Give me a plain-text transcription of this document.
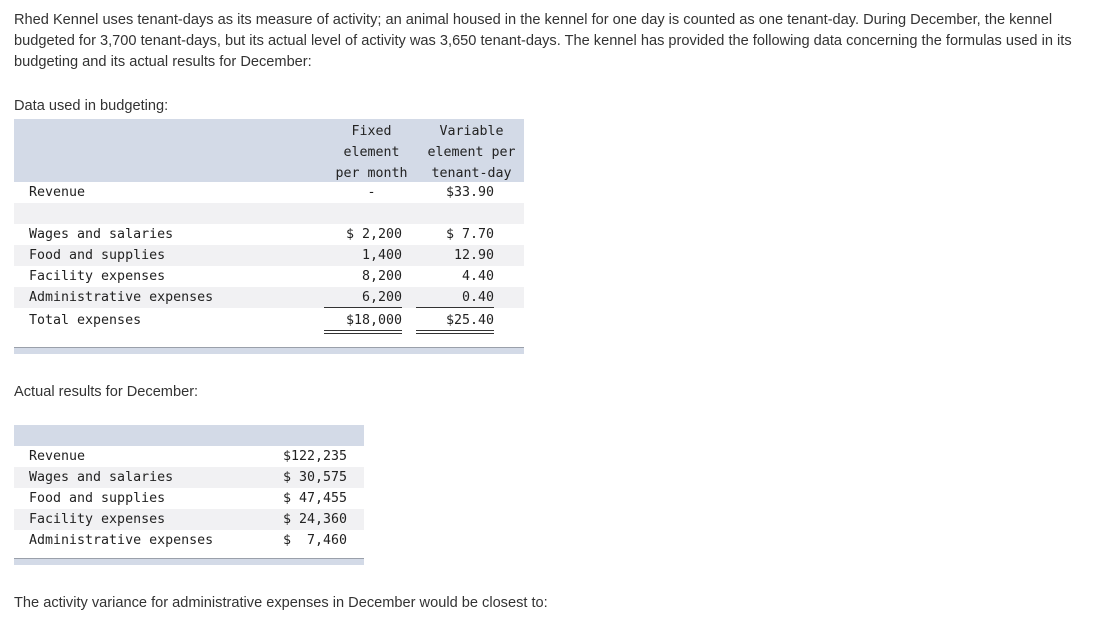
Rhed Kennel uses tenant-days as its measure of activity; an animal housed in the kennel for one day is counted as one tenant-day. During December, the kennel budgeted for 3,700 tenant-days, but its actual level of activity was 3,650 tenant-days. The kennel has provided the following data concerning the formulas used in its budgeting and its actual results for December:

Data used in budgeting:

Fixed
element
per month
Variable
element per
tenant-day
Revenue	-	$33.90
Wages and salaries	$ 2,200	$ 7.70
Food and supplies	1,400	12.90
Facility expenses	8,200	4.40
Administrative expenses	6,200	0.40
Total expenses	$18,000	$25.40

Actual results for December:

Revenue	$122,235
Wages and salaries	$ 30,575
Food and supplies	$ 47,455
Facility expenses	$ 24,360
Administrative expenses	$  7,460

The activity variance for administrative expenses in December would be closest to:
